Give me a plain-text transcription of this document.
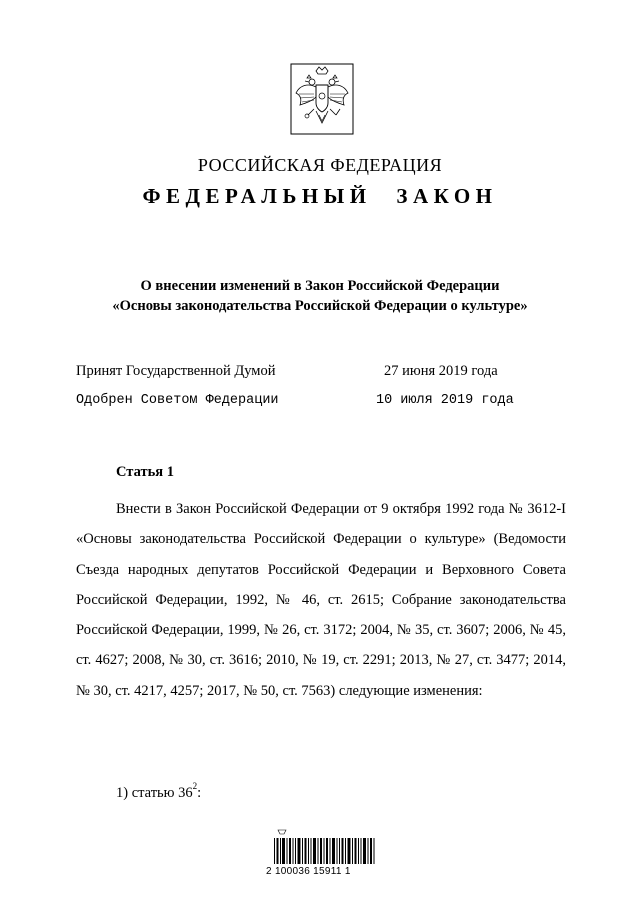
РОССИЙСКАЯ ФЕДЕРАЦИЯ
ФЕДЕРАЛЬНЫЙ ЗАКОН
О внесении изменений в Закон Российской Федерации
«Основы законодательства Российской Федерации о культуре»
Принят Государственной Думой	27 июня 2019 года
Одобрен Советом Федерации	10 июля 2019 года
Статья 1
Внести в Закон Российской Федерации от 9 октября 1992 года № 3612-I «Основы законодательства Российской Федерации о культуре» (Ведомости Съезда народных депутатов Российской Федерации и Верховного Совета Российской Федерации, 1992, № 46, ст. 2615; Собрание законодательства Российской Федерации, 1999, № 26, ст. 3172; 2004, № 35, ст. 3607; 2006, № 45, ст. 4627; 2008, № 30, ст. 3616; 2010, № 19, ст. 2291; 2013, № 27, ст. 3477; 2014, № 30, ст. 4217, 4257; 2017, № 50, ст. 7563) следующие изменения:
1) статью $36^2$:
2 100036 15911 1
